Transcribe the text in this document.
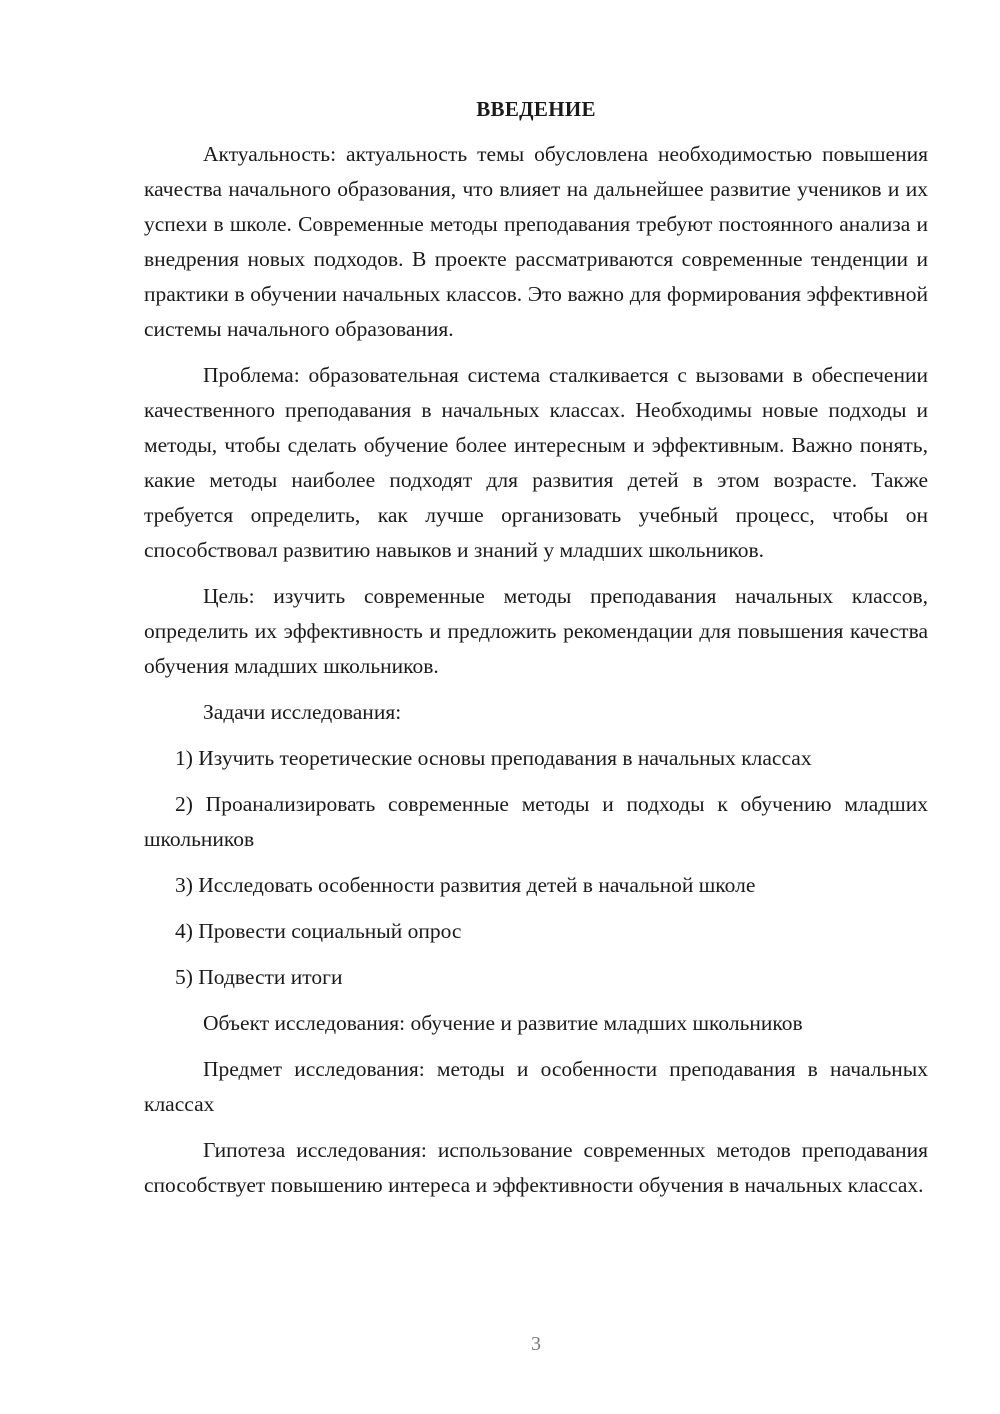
ВВЕДЕНИЕ

Актуальность: актуальность темы обусловлена необходимостью повышения качества начального образования, что влияет на дальнейшее развитие учеников и их успехи в школе. Современные методы преподавания требуют постоянного анализа и внедрения новых подходов. В проекте рассматриваются современные тенденции и практики в обучении начальных классов. Это важно для формирования эффективной системы начального образования.

Проблема: образовательная система сталкивается с вызовами в обеспечении качественного преподавания в начальных классах. Необходимы новые подходы и методы, чтобы сделать обучение более интересным и эффективным. Важно понять, какие методы наиболее подходят для развития детей в этом возрасте. Также требуется определить, как лучше организовать учебный процесс, чтобы он способствовал развитию навыков и знаний у младших школьников.

Цель: изучить современные методы преподавания начальных классов, определить их эффективность и предложить рекомендации для повышения качества обучения младших школьников.

Задачи исследования:

1) Изучить теоретические основы преподавания в начальных классах

2) Проанализировать современные методы и подходы к обучению младших школьников

3) Исследовать особенности развития детей в начальной школе

4) Провести социальный опрос

5) Подвести итоги

Объект исследования: обучение и развитие младших школьников

Предмет исследования: методы и особенности преподавания в начальных классах

Гипотеза исследования: использование современных методов преподавания способствует повышению интереса и эффективности обучения в начальных классах.

3
